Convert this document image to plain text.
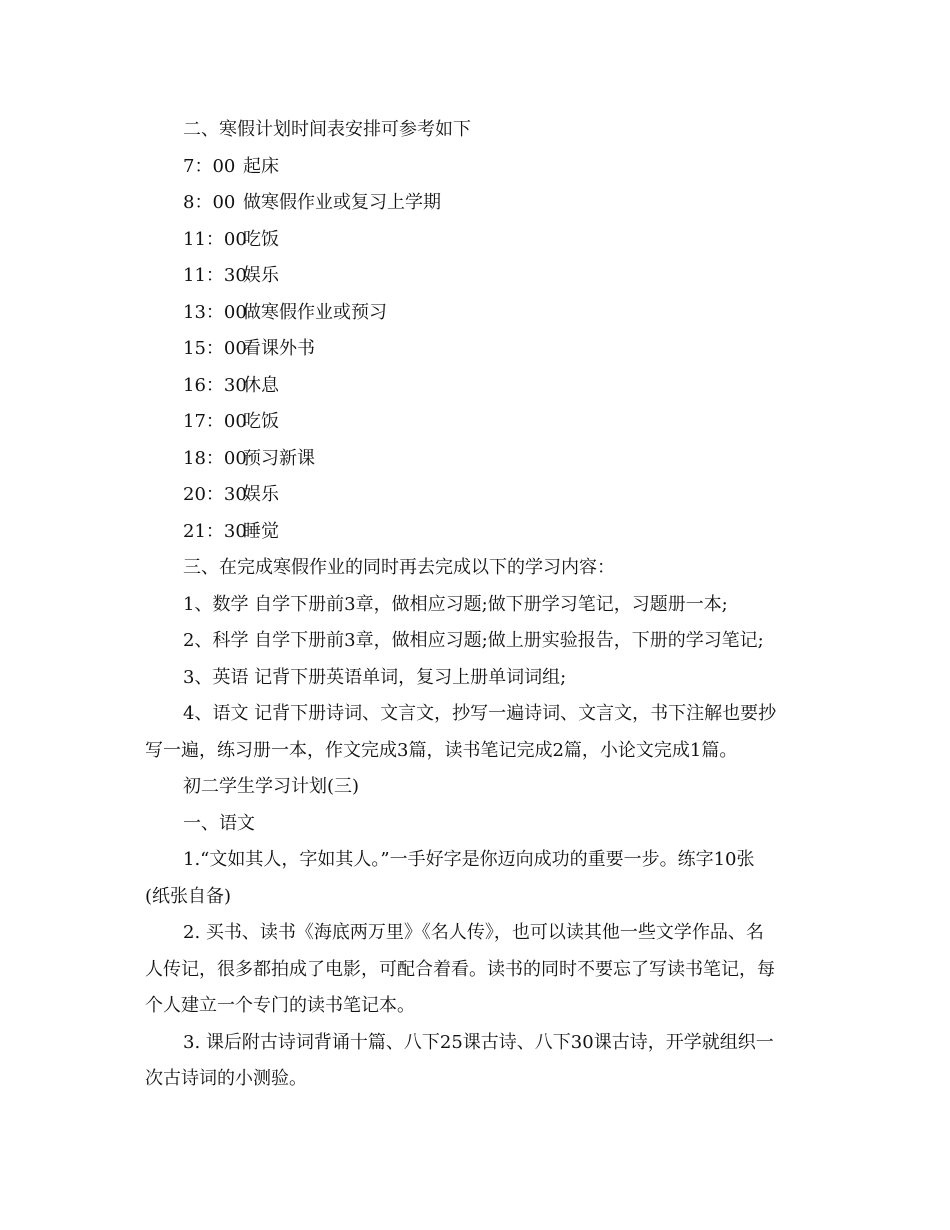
二、寒假计划时间表安排可参考如下

7：00 起床

8：00 做寒假作业或复习上学期

11：00吃饭

11：30娱乐

13：00做寒假作业或预习

15：00看课外书

16：30休息

17：00吃饭

18：00预习新课

20：30娱乐

21：30睡觉

三、在完成寒假作业的同时再去完成以下的学习内容：

1、数学 自学下册前3章，做相应习题;做下册学习笔记，习题册一本;

2、科学 自学下册前3章，做相应习题;做上册实验报告，下册的学习笔记;

3、英语 记背下册英语单词，复习上册单词词组;

4、语文 记背下册诗词、文言文，抄写一遍诗词、文言文，书下注解也要抄

写一遍，练习册一本，作文完成3篇，读书笔记完成2篇，小论文完成1篇。

初二学生学习计划(三)

一、语文

1.“文如其人，字如其人。”一手好字是你迈向成功的重要一步。练字10张

(纸张自备)

2. 买书、读书《海底两万里》《名人传》，也可以读其他一些文学作品、名

人传记，很多都拍成了电影，可配合着看。读书的同时不要忘了写读书笔记，每

个人建立一个专门的读书笔记本。

3. 课后附古诗词背诵十篇、八下25课古诗、八下30课古诗，开学就组织一

次古诗词的小测验。
